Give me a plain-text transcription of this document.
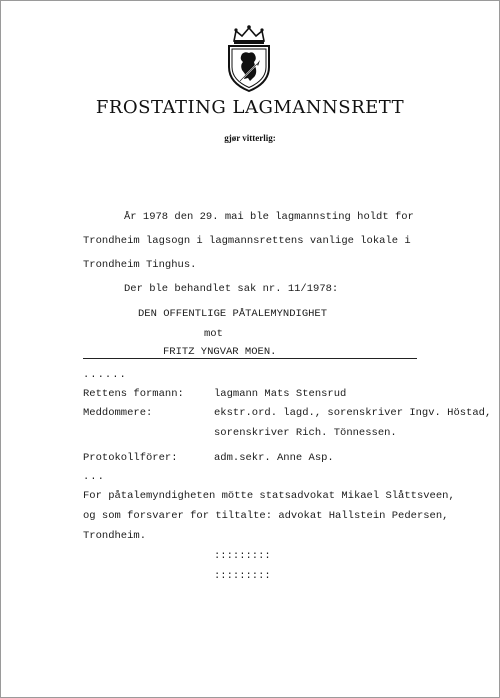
FROSTATING LAGMANNSRETT
gjør vitterlig:
År 1978 den 29. mai ble lagmannsting holdt for
Trondheim lagsogn i lagmannsrettens vanlige lokale i
Trondheim Tinghus.
Der ble behandlet sak nr. 11/1978:
DEN OFFENTLIGE PÅTALEMYNDIGHET
mot
FRITZ YNGVAR MOEN.
......
Rettens formann:	lagmann Mats Stensrud
Meddommere:	ekstr.ord. lagd., sorenskriver Ingv. Höstad,
sorenskriver Rich. Tönnessen.
Protokollförer:	adm.sekr. Anne Asp.
...
For påtalemyndigheten mötte statsadvokat Mikael Slåttsveen,
og som forsvarer for tiltalte: advokat Hallstein Pedersen,
Trondheim.
:::::::::
:::::::::
